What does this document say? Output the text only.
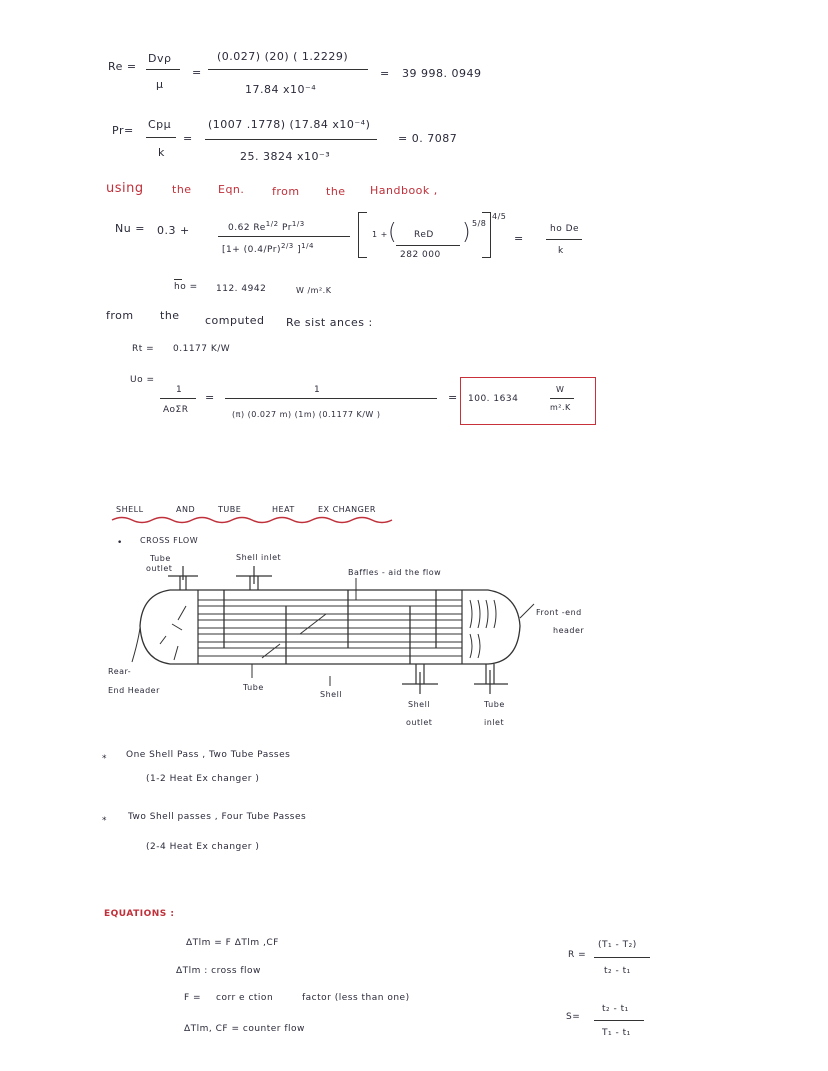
Re =
Dvρ
μ
=
(0.027) (20) ( 1.2229)
17.84 x10⁻⁴
= 39 998. 0949
Pr= Cpμ
k
=
(1007 .1778) (17.84 x10⁻⁴)
25. 3824 x10⁻³
= 0. 7087
using	the Eqn.	from the Handbook ,
Nu = 0.3 +	0.62 $Re^{1/2}$ $Pr^{1/3}$
[$1+ (0.4/Pr)^{2/3}$ ]$^{1/4}$
1 + ( ReD
282 000
) 5/8
4/5
=
ho De
k
ho = 112. 4942	W /m².K
from the computed Re sist ances :
Rt = 0.1177 K/W
Uo =
1
AoΣR
=
1
(π) (0.027 m) (1m) (0.1177 K/W )
= 100. 1634
W
m².K
SHELL	AND	TUBE	HEAT	EX CHANGER
• CROSS FLOW
Tube
outlet
Shell inlet
Baffles - aid the flow
Front -end
header
Rear-
End Header	Tube
Shell
Shell
outlet
Tube
inlet
* One Shell Pass , Two Tube Passes
(1-2 Heat Ex changer )
* Two Shell passes , Four Tube Passes
(2-4 Heat Ex changer )
EQUATIONS :
ΔTlm = F ΔTlm ,CF
ΔTlm : cross flow
F = corr e ction	factor (less than one)
ΔTlm, CF = counter flow
R =
(T₁ - T₂)
t₂ - t₁
S=
t₂ - t₁
T₁ - t₁
